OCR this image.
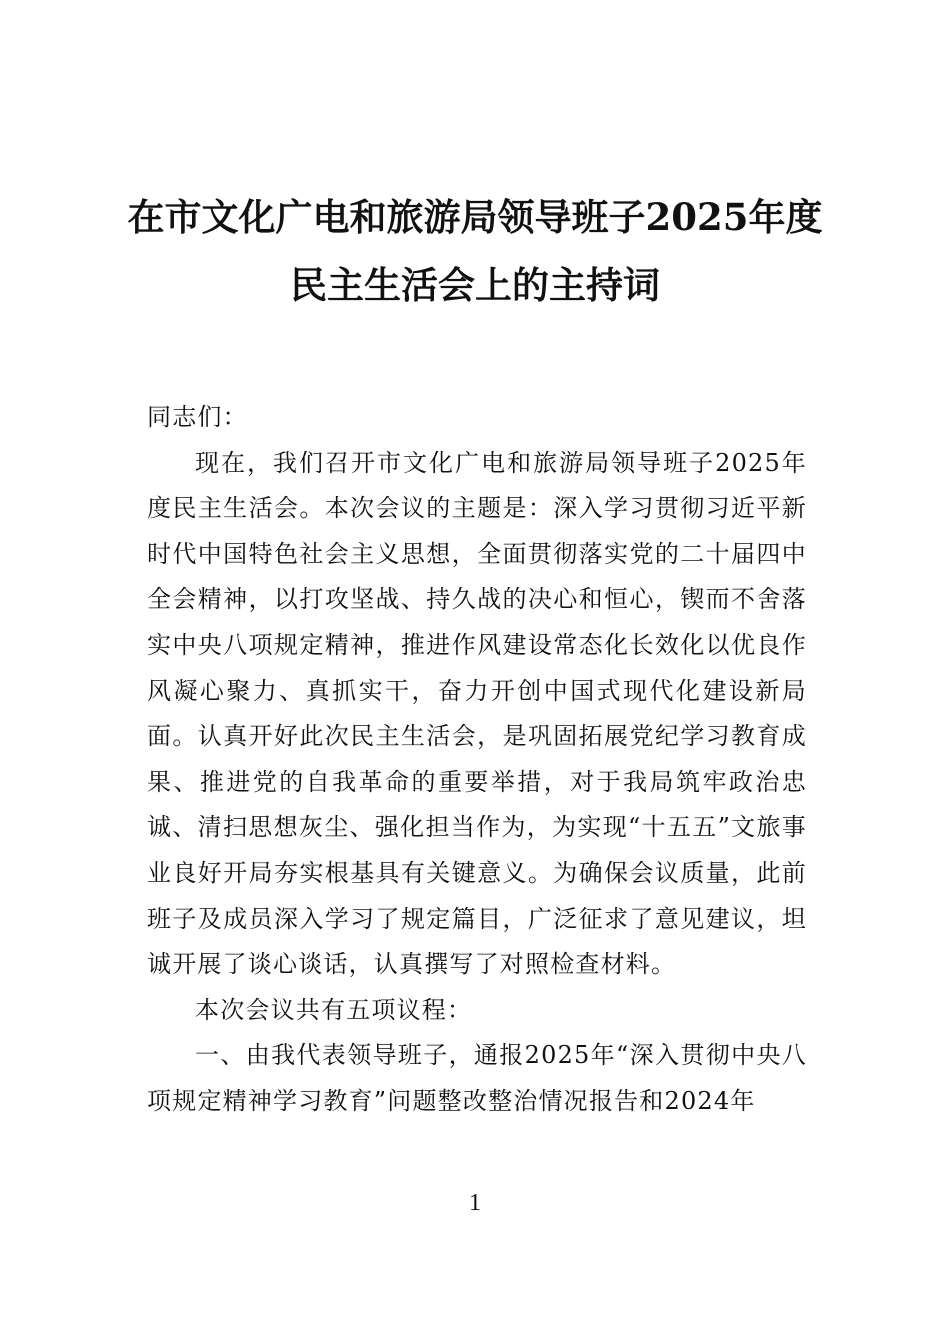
在市文化广电和旅游局领导班子2025年度
民主生活会上的主持词

同志们：

现在，我们召开市文化广电和旅游局领导班子2025年度民主生活会。本次会议的主题是：深入学习贯彻习近平新时代中国特色社会主义思想，全面贯彻落实党的二十届四中全会精神，以打攻坚战、持久战的决心和恒心，锲而不舍落实中央八项规定精神，推进作风建设常态化长效化以优良作风凝心聚力、真抓实干，奋力开创中国式现代化建设新局面。认真开好此次民主生活会，是巩固拓展党纪学习教育成果、推进党的自我革命的重要举措，对于我局筑牢政治忠诚、清扫思想灰尘、强化担当作为，为实现“十五五”文旅事业良好开局夯实根基具有关键意义。为确保会议质量，此前班子及成员深入学习了规定篇目，广泛征求了意见建议，坦诚开展了谈心谈话，认真撰写了对照检查材料。

本次会议共有五项议程：

一、由我代表领导班子，通报2025年“深入贯彻中央八项规定精神学习教育”问题整改整治情况报告和2024年

1
